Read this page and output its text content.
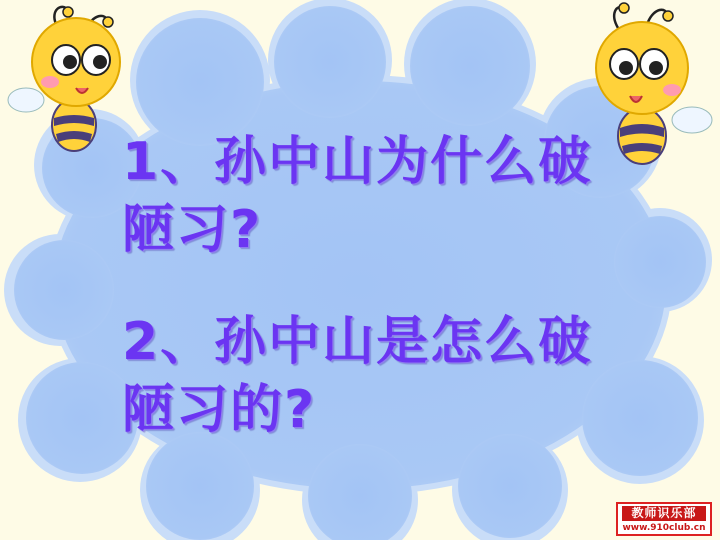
1、孙中山为什么破陋习?

2、孙中山是怎么破陋习的?

教师识乐部
www.910club.cn
